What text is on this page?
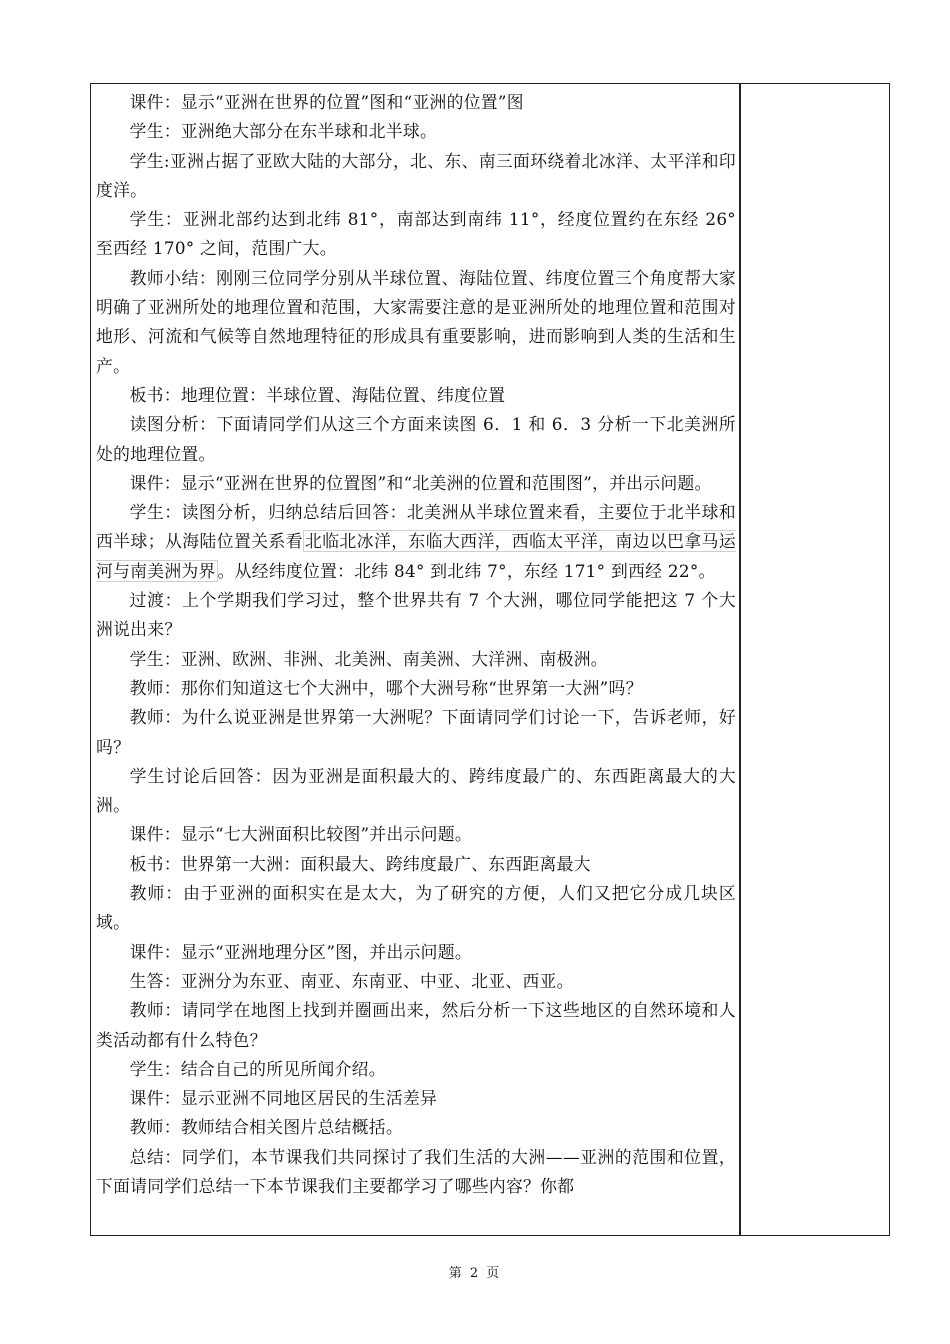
课件：显示“亚洲在世界的位置”图和“亚洲的位置”图

学生：亚洲绝大部分在东半球和北半球。

学生:亚洲占据了亚欧大陆的大部分，北、东、南三面环绕着北冰洋、太平洋和印度洋。

学生：亚洲北部约达到北纬 81°，南部达到南纬 11°，经度位置约在东经 26° 至西经 170° 之间，范围广大。

教师小结：刚刚三位同学分别从半球位置、海陆位置、纬度位置三个角度帮大家明确了亚洲所处的地理位置和范围，大家需要注意的是亚洲所处的地理位置和范围对地形、河流和气候等自然地理特征的形成具有重要影响，进而影响到人类的生活和生产。

板书：地理位置：半球位置、海陆位置、纬度位置

读图分析：下面请同学们从这三个方面来读图 6．1 和 6．3 分析一下北美洲所处的地理位置。

课件：显示“亚洲在世界的位置图”和“北美洲的位置和范围图”，并出示问题。

学生：读图分析，归纳总结后回答：北美洲从半球位置来看，主要位于北半球和西半球；从海陆位置关系看 北临北冰洋，东临大西洋，西临太平洋，南边以巴拿马运河与南美洲为界 。从经纬度位置：北纬 84° 到北纬 7°，东经 171° 到西经 22°。

过渡：上个学期我们学习过，整个世界共有 7 个大洲，哪位同学能把这 7 个大洲说出来？

学生：亚洲、欧洲、非洲、北美洲、南美洲、大洋洲、南极洲。

教师：那你们知道这七个大洲中，哪个大洲号称“世界第一大洲”吗？

教师：为什么说亚洲是世界第一大洲呢？下面请同学们讨论一下，告诉老师，好吗？

学生讨论后回答：因为亚洲是面积最大的、跨纬度最广的、东西距离最大的大洲。

课件：显示“七大洲面积比较图”并出示问题。

板书：世界第一大洲：面积最大、跨纬度最广、东西距离最大

教师：由于亚洲的面积实在是太大，为了研究的方便，人们又把它分成几块区域。

课件：显示“亚洲地理分区”图，并出示问题。

生答：亚洲分为东亚、南亚、东南亚、中亚、北亚、西亚。

教师：请同学在地图上找到并圈画出来，然后分析一下这些地区的自然环境和人类活动都有什么特色？

学生：结合自己的所见所闻介绍。

课件：显示亚洲不同地区居民的生活差异

教师：教师结合相关图片总结概括。

总结：同学们，本节课我们共同探讨了我们生活的大洲——亚洲的范围和位置，下面请同学们总结一下本节课我们主要都学习了哪些内容？你都

第 2 页
